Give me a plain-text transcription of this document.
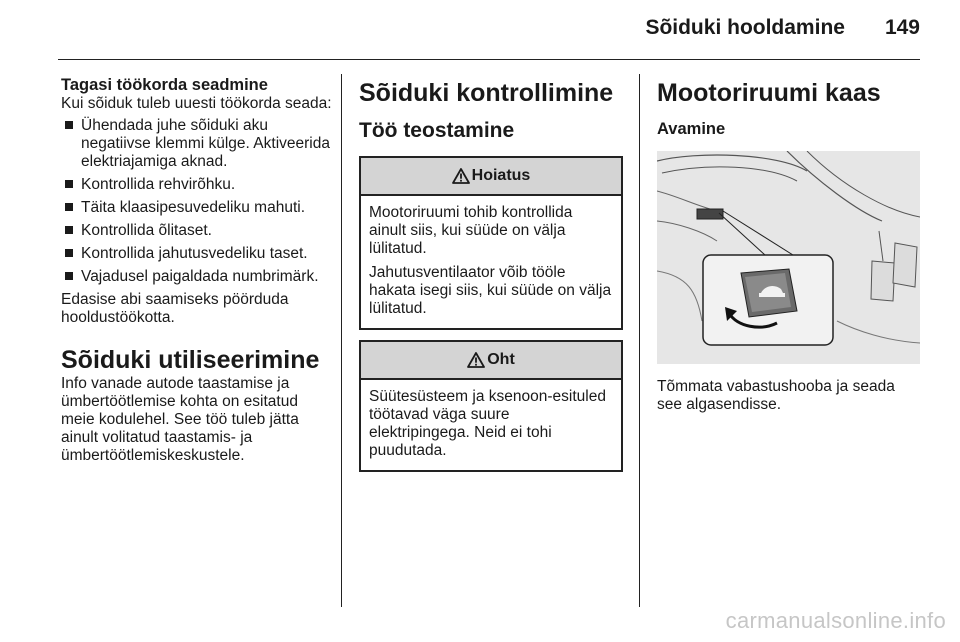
Sõiduki hooldamine 149
Tagasi töökorda seadmine
Kui sõiduk tuleb uuesti töökorda seada:
Ühendada juhe sõiduki aku negatiivse klemmi külge. Aktiveerida elektriajamiga aknad.
Kontrollida rehvirõhku.
Täita klaasipesuvedeliku mahuti.
Kontrollida õlitaset.
Kontrollida jahutusvedeliku taset.
Vajadusel paigaldada numbrimärk.
Edasise abi saamiseks pöörduda hooldustöökotta.
Sõiduki utiliseerimine
Info vanade autode taastamise ja ümbertöötlemise kohta on esitatud meie kodulehel. See töö tuleb jätta ainult volitatud taastamis- ja ümbertöötlemiskeskustele.
Sõiduki kontrollimine
Töö teostamine
Hoiatus

Mootoriruumi tohib kontrollida ainult siis, kui süüde on välja lülitatud.

Jahutusventilaator võib tööle hakata isegi siis, kui süüde on välja lülitatud.

Oht

Süütesüsteem ja ksenoon-esituled töötavad väga suure elektripingega. Neid ei tohi puudutada.

Mootoriruumi kaas
Avamine
Tõmmata vabastushooba ja seada see algasendisse.
carmanualsonline.info
